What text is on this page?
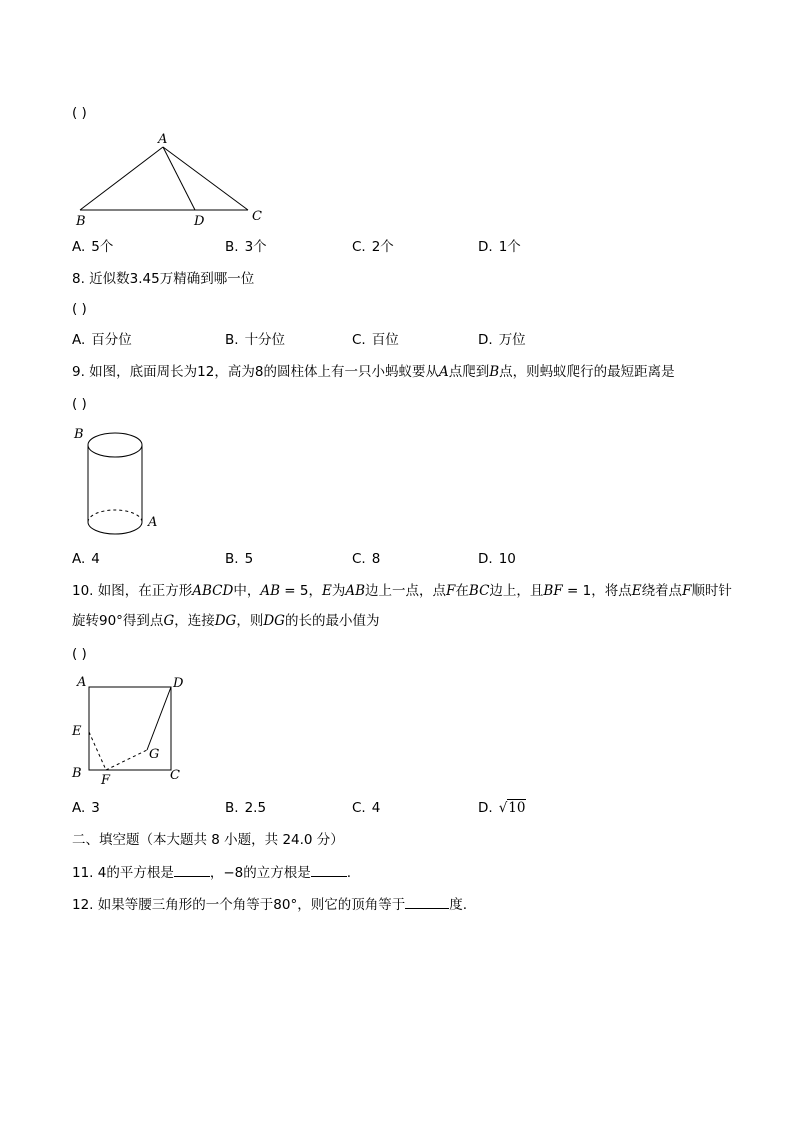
( )
A
B	D	C
A. 5个	B. 3个	C. 2个	D. 1个
8. 近似数3.45万精确到哪一位
( )
A. 百分位	B. 十分位	C. 百位	D. 万位
9. 如图，底面周长为12，高为8的圆柱体上有一只小蚂蚁要从A点爬到B点，则蚂蚁爬行的最短距离是
( )
B
A
A. 4	B. 5	C. 8	D. 10
10. 如图，在正方形ABCD中，AB = 5，E为AB边上一点，点F在BC边上，且BF = 1，将点E绕着点F顺时针
旋转90°得到点G，连接DG，则DG的长的最小值为
( )
A	D
E
G
B F	C
A. 3	B. 2.5	C. 4	D. √10
二、填空题（本大题共 8 小题，共 24.0 分）
11. 4的平方根是	，−8的立方根是	.
12. 如果等腰三角形的一个角等于80°，则它的顶角等于	度.
